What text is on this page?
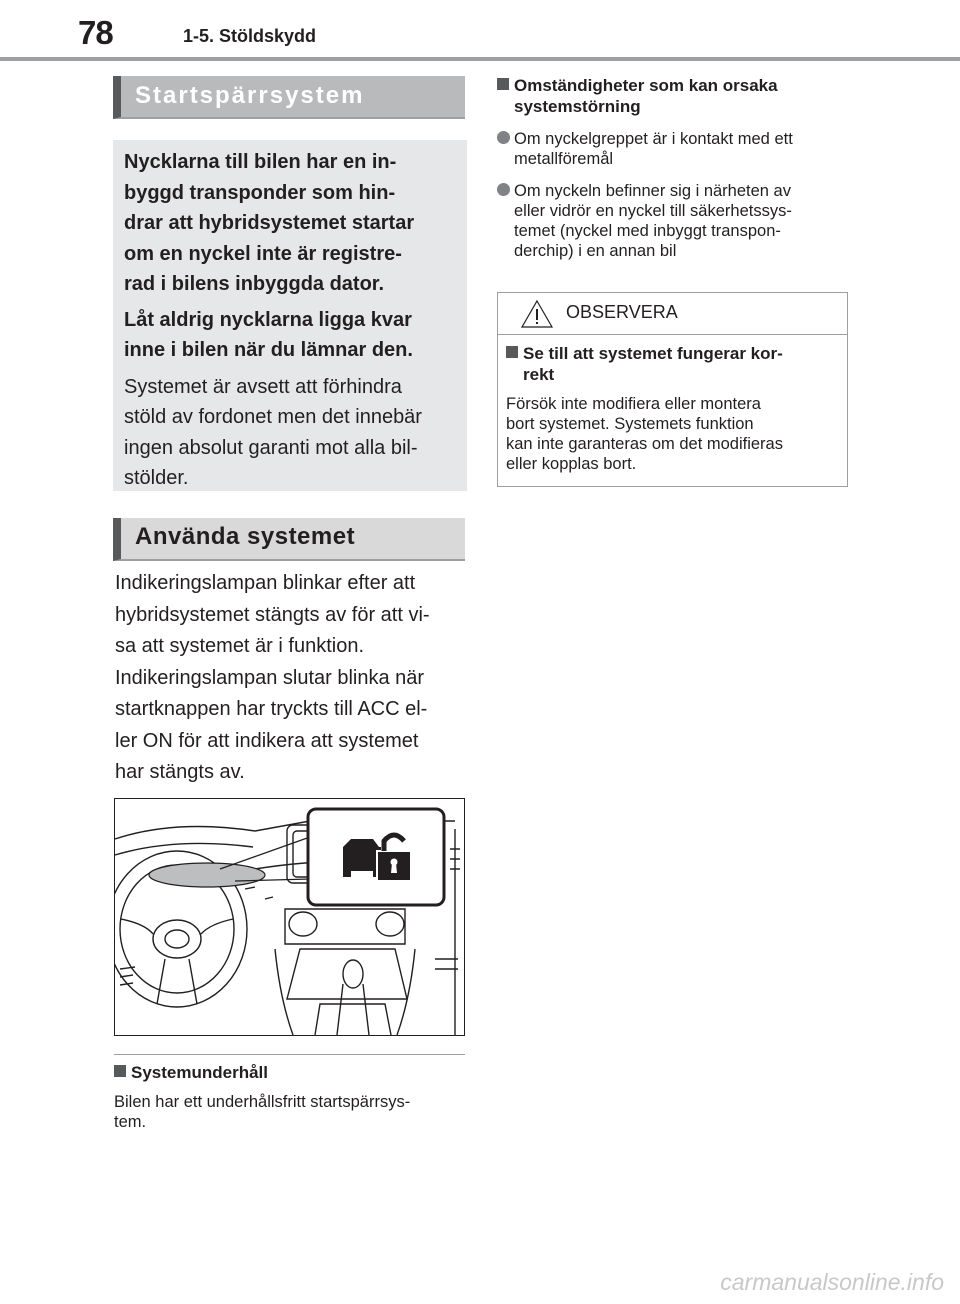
78	1-5. Stöldskydd
Startspärrsystem

Nycklarna till bilen har en in-
byggd transponder som hin-
drar att hybridsystemet startar
om en nyckel inte är registre-
rad i bilens inbyggda dator.

Låt aldrig nycklarna ligga kvar
inne i bilen när du lämnar den.

Systemet är avsett att förhindra
stöld av fordonet men det innebär
ingen absolut garanti mot alla bil-
stölder.

Använda systemet

Indikeringslampan blinkar efter att
hybridsystemet stängts av för att vi-
sa att systemet är i funktion.

Indikeringslampan slutar blinka när
startknappen har tryckts till ACC el-
ler ON för att indikera att systemet
har stängts av.

Systemunderhåll
Bilen har ett underhållsfritt startspärrsys-
tem.
Omständigheter som kan orsaka
systemstörning
Om nyckelgreppet är i kontakt med ett
metallföremål
Om nyckeln befinner sig i närheten av
eller vidrör en nyckel till säkerhetssys-
temet (nyckel med inbyggt transpon-
derchip) i en annan bil
OBSERVERA
Se till att systemet fungerar kor-
rekt
Försök inte modifiera eller montera
bort systemet. Systemets funktion
kan inte garanteras om det modifieras
eller kopplas bort.
carmanualsonline.info
